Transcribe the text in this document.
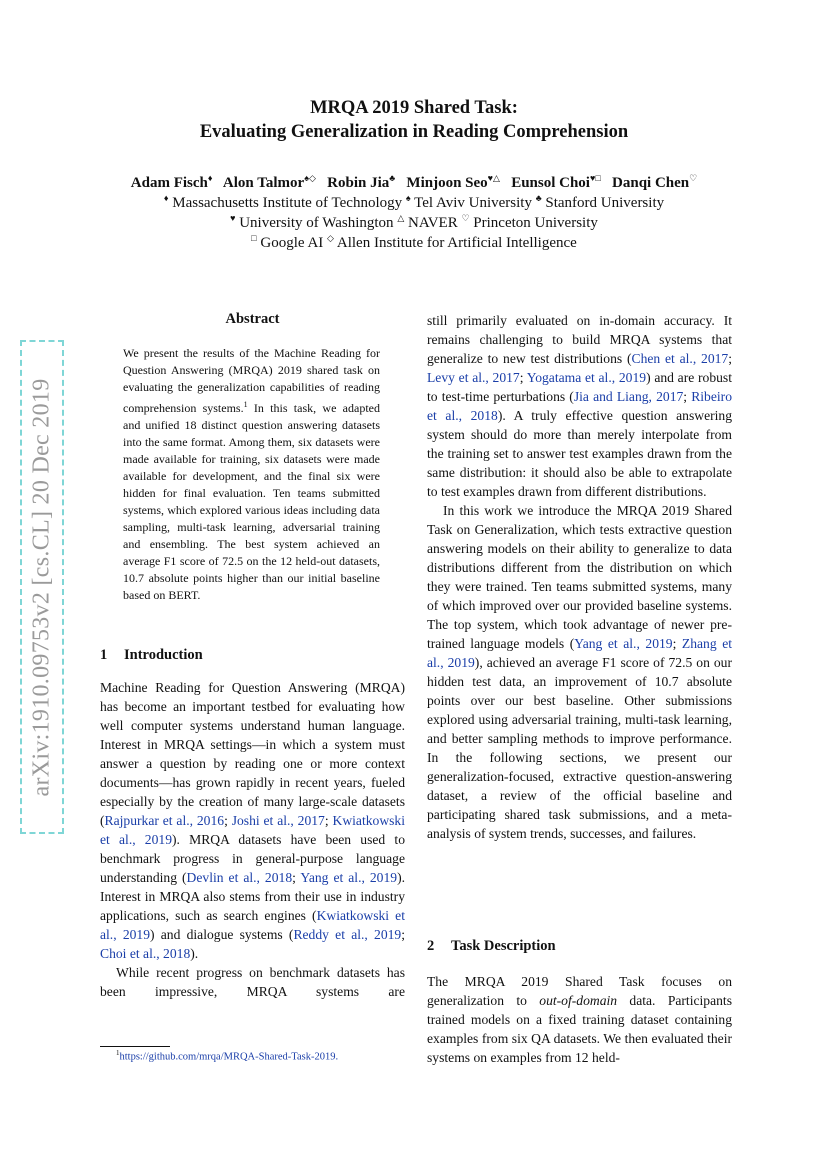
arXiv:1910.09753v2 [cs.CL] 20 Dec 2019
MRQA 2019 Shared Task:
Evaluating Generalization in Reading Comprehension
Adam Fisch♦ Alon Talmor♠◇ Robin Jia♣ Minjoon Seo♥△ Eunsol Choi♥□ Danqi Chen♡
♦ Massachusetts Institute of Technology ♠ Tel Aviv University ♣ Stanford University
♥ University of Washington △ NAVER ♡ Princeton University
□ Google AI ◇ Allen Institute for Artificial Intelligence
Abstract
We present the results of the Machine Reading for Question Answering (MRQA) 2019 shared task on evaluating the generalization capabilities of reading comprehension systems.$^1$ In this task, we adapted and unified 18 distinct question answering datasets into the same format. Among them, six datasets were made available for training, six datasets were made available for development, and the final six were hidden for final evaluation. Ten teams submitted systems, which explored various ideas including data sampling, multi-task learning, adversarial training and ensembling. The best system achieved an average F1 score of 72.5 on the 12 held-out datasets, 10.7 absolute points higher than our initial baseline based on BERT.
1 Introduction

Machine Reading for Question Answering (MRQA) has become an important testbed for evaluating how well computer systems understand human language. Interest in MRQA settings—in which a system must answer a question by reading one or more context documents—has grown rapidly in recent years, fueled especially by the creation of many large-scale datasets (Rajpurkar et al., 2016; Joshi et al., 2017; Kwiatkowski et al., 2019). MRQA datasets have been used to benchmark progress in general-purpose language understanding (Devlin et al., 2018; Yang et al., 2019). Interest in MRQA also stems from their use in industry applications, such as search engines (Kwiatkowski et al., 2019) and dialogue systems (Reddy et al., 2019; Choi et al., 2018).

While recent progress on benchmark datasets has been impressive, MRQA systems are

$^1$https://github.com/mrqa/MRQA-Shared-Task-2019.

still primarily evaluated on in-domain accuracy. It remains challenging to build MRQA systems that generalize to new test distributions (Chen et al., 2017; Levy et al., 2017; Yogatama et al., 2019) and are robust to test-time perturbations (Jia and Liang, 2017; Ribeiro et al., 2018). A truly effective question answering system should do more than merely interpolate from the training set to answer test examples drawn from the same distribution: it should also be able to extrapolate to test examples drawn from different distributions.

In this work we introduce the MRQA 2019 Shared Task on Generalization, which tests extractive question answering models on their ability to generalize to data distributions different from the distribution on which they were trained. Ten teams submitted systems, many of which improved over our provided baseline systems. The top system, which took advantage of newer pre-trained language models (Yang et al., 2019; Zhang et al., 2019), achieved an average F1 score of 72.5 on our hidden test data, an improvement of 10.7 absolute points over our best baseline. Other submissions explored using adversarial training, multi-task learning, and better sampling methods to improve performance. In the following sections, we present our generalization-focused, extractive question-answering dataset, a review of the official baseline and participating shared task submissions, and a meta-analysis of system trends, successes, and failures.

2 Task Description

The MRQA 2019 Shared Task focuses on generalization to out-of-domain data. Participants trained models on a fixed training dataset containing examples from six QA datasets. We then evaluated their systems on examples from 12 held-
